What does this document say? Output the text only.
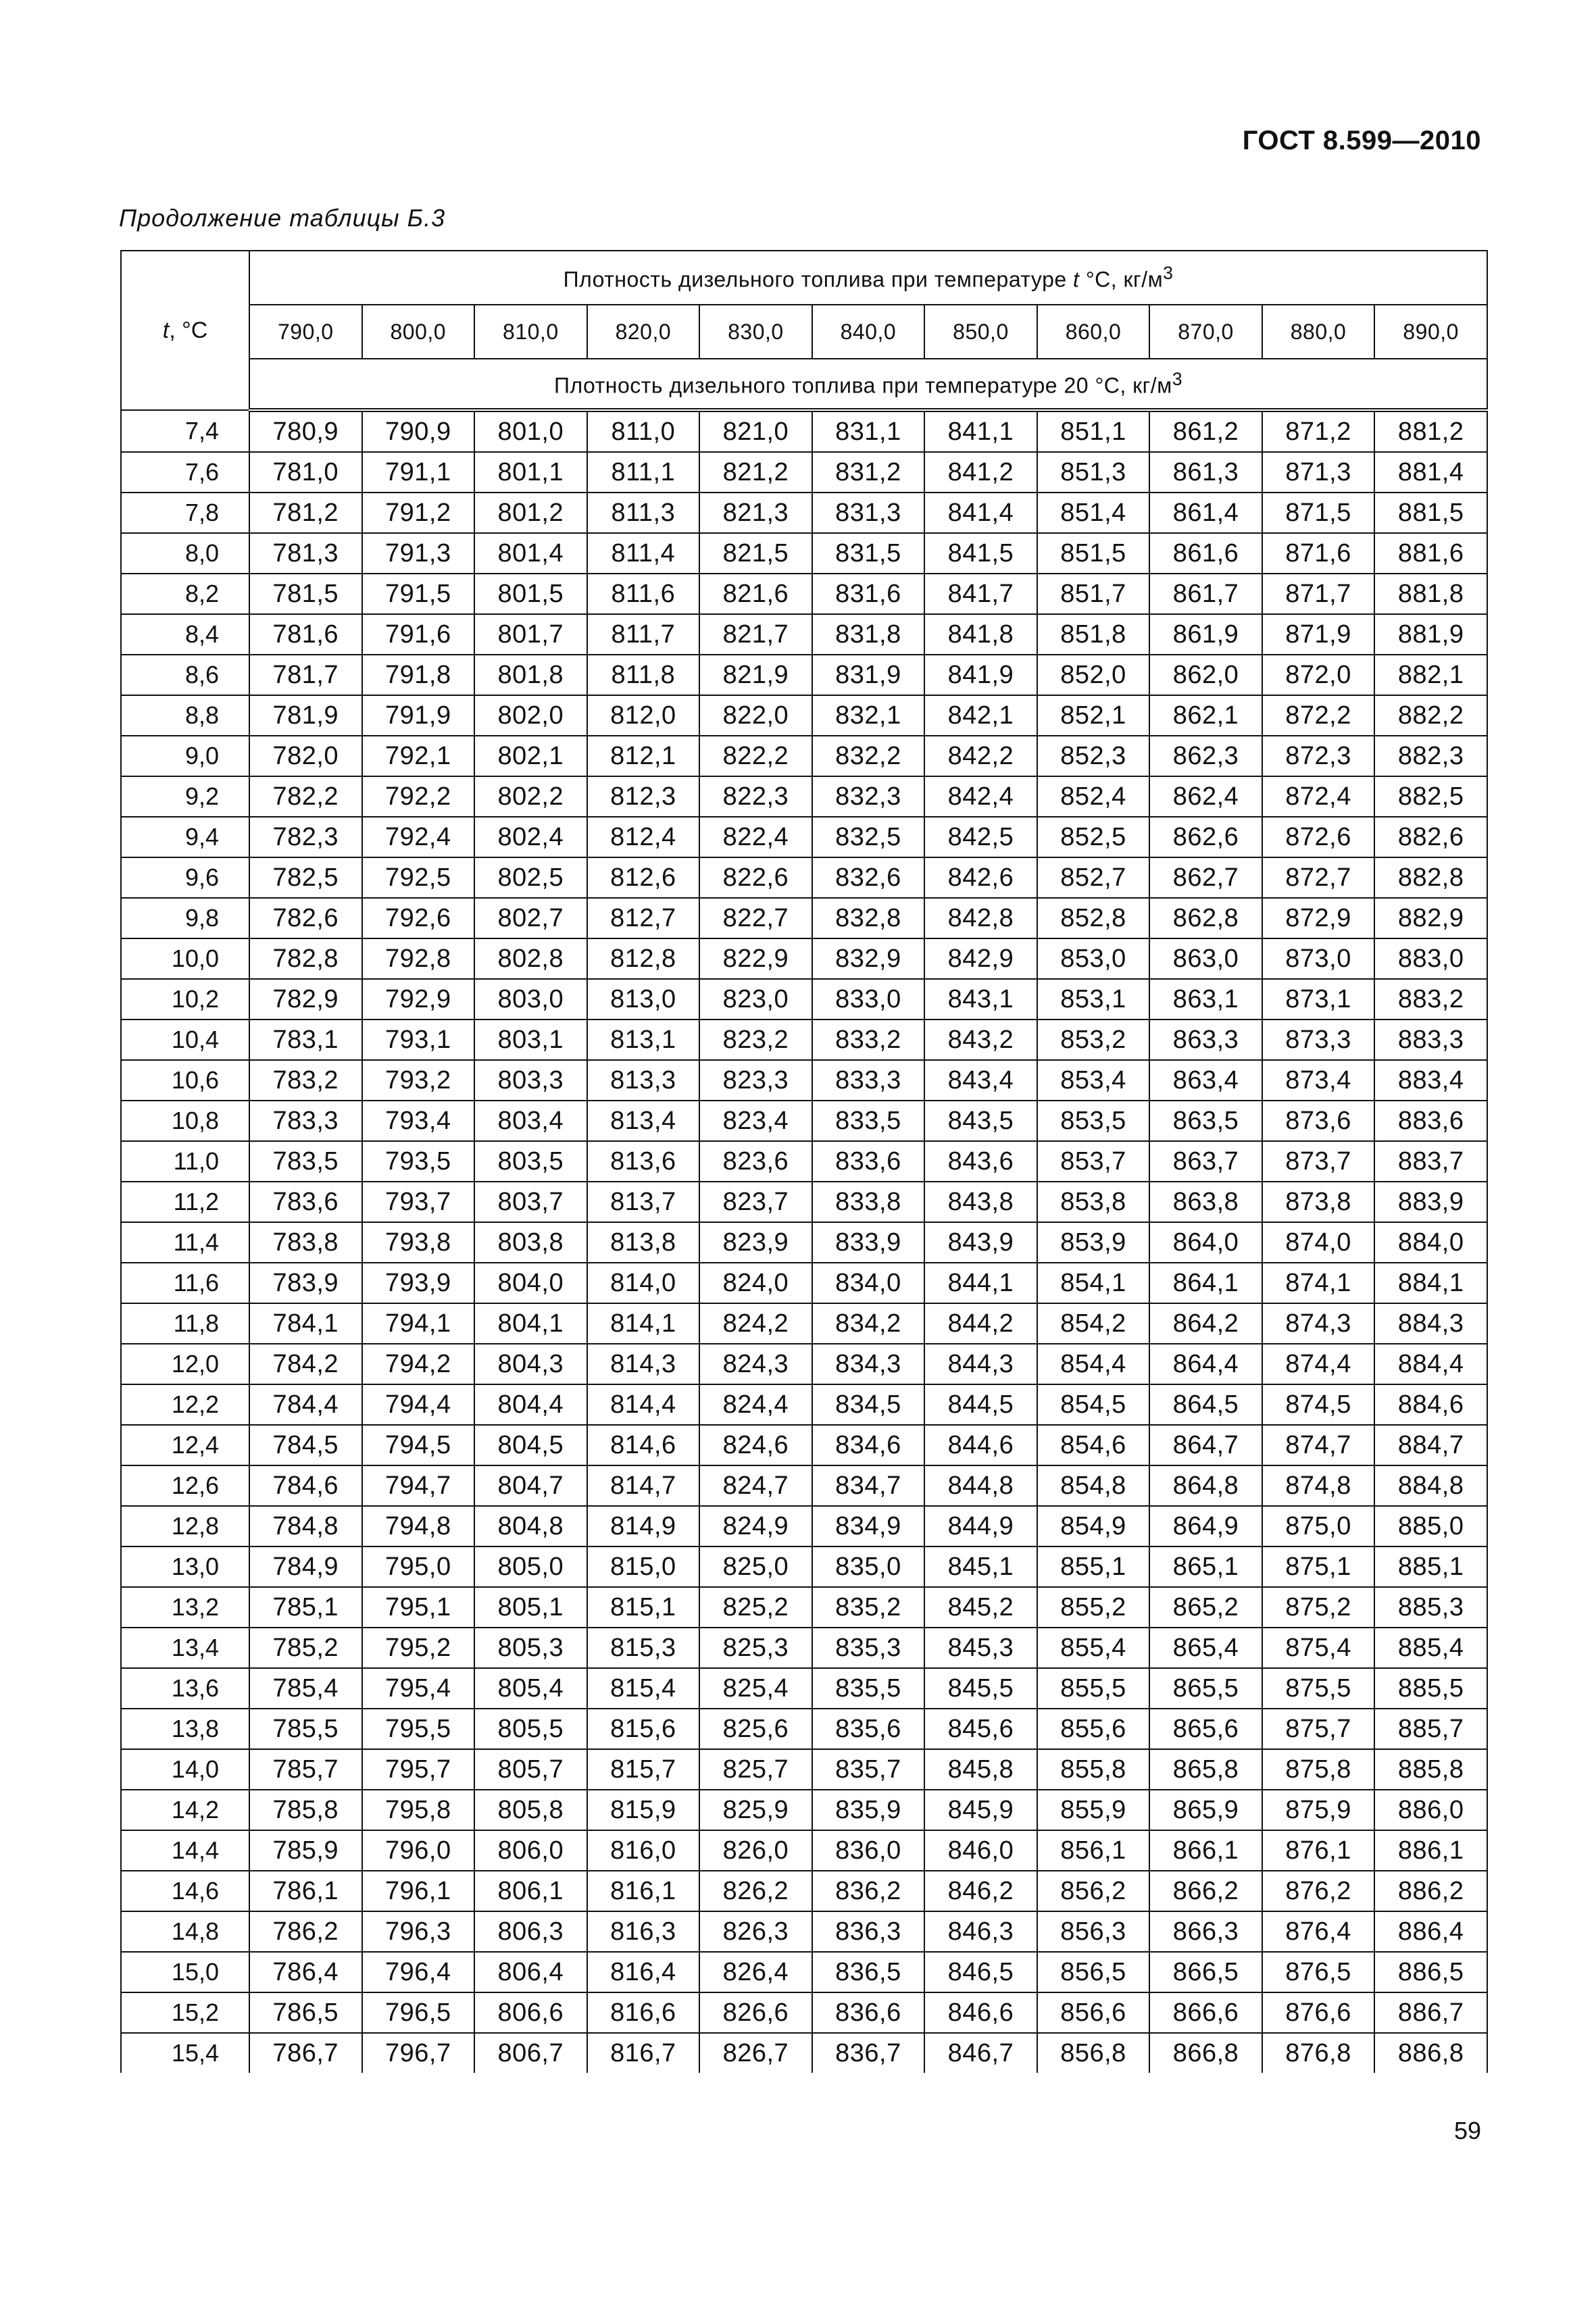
ГОСТ 8.599—2010
Продолжение таблицы Б.3
t, °C	Плотность дизельного топлива при температуре t °С, $кг/м^3$
	790,0	800,0	810,0	820,0	830,0	840,0	850,0	860,0	870,0	880,0	890,0
	Плотность дизельного топлива при температуре 20 °С, $кг/м^3$
7,4	780,9	790,9	801,0	811,0	821,0	831,1	841,1	851,1	861,2	871,2	881,2
7,6	781,0	791,1	801,1	811,1	821,2	831,2	841,2	851,3	861,3	871,3	881,4
7,8	781,2	791,2	801,2	811,3	821,3	831,3	841,4	851,4	861,4	871,5	881,5
8,0	781,3	791,3	801,4	811,4	821,5	831,5	841,5	851,5	861,6	871,6	881,6
8,2	781,5	791,5	801,5	811,6	821,6	831,6	841,7	851,7	861,7	871,7	881,8
8,4	781,6	791,6	801,7	811,7	821,7	831,8	841,8	851,8	861,9	871,9	881,9
8,6	781,7	791,8	801,8	811,8	821,9	831,9	841,9	852,0	862,0	872,0	882,1
8,8	781,9	791,9	802,0	812,0	822,0	832,1	842,1	852,1	862,1	872,2	882,2
9,0	782,0	792,1	802,1	812,1	822,2	832,2	842,2	852,3	862,3	872,3	882,3
9,2	782,2	792,2	802,2	812,3	822,3	832,3	842,4	852,4	862,4	872,4	882,5
9,4	782,3	792,4	802,4	812,4	822,4	832,5	842,5	852,5	862,6	872,6	882,6
9,6	782,5	792,5	802,5	812,6	822,6	832,6	842,6	852,7	862,7	872,7	882,8
9,8	782,6	792,6	802,7	812,7	822,7	832,8	842,8	852,8	862,8	872,9	882,9
10,0	782,8	792,8	802,8	812,8	822,9	832,9	842,9	853,0	863,0	873,0	883,0
10,2	782,9	792,9	803,0	813,0	823,0	833,0	843,1	853,1	863,1	873,1	883,2
10,4	783,1	793,1	803,1	813,1	823,2	833,2	843,2	853,2	863,3	873,3	883,3
10,6	783,2	793,2	803,3	813,3	823,3	833,3	843,4	853,4	863,4	873,4	883,4
10,8	783,3	793,4	803,4	813,4	823,4	833,5	843,5	853,5	863,5	873,6	883,6
11,0	783,5	793,5	803,5	813,6	823,6	833,6	843,6	853,7	863,7	873,7	883,7
11,2	783,6	793,7	803,7	813,7	823,7	833,8	843,8	853,8	863,8	873,8	883,9
11,4	783,8	793,8	803,8	813,8	823,9	833,9	843,9	853,9	864,0	874,0	884,0
11,6	783,9	793,9	804,0	814,0	824,0	834,0	844,1	854,1	864,1	874,1	884,1
11,8	784,1	794,1	804,1	814,1	824,2	834,2	844,2	854,2	864,2	874,3	884,3
12,0	784,2	794,2	804,3	814,3	824,3	834,3	844,3	854,4	864,4	874,4	884,4
12,2	784,4	794,4	804,4	814,4	824,4	834,5	844,5	854,5	864,5	874,5	884,6
12,4	784,5	794,5	804,5	814,6	824,6	834,6	844,6	854,6	864,7	874,7	884,7
12,6	784,6	794,7	804,7	814,7	824,7	834,7	844,8	854,8	864,8	874,8	884,8
12,8	784,8	794,8	804,8	814,9	824,9	834,9	844,9	854,9	864,9	875,0	885,0
13,0	784,9	795,0	805,0	815,0	825,0	835,0	845,1	855,1	865,1	875,1	885,1
13,2	785,1	795,1	805,1	815,1	825,2	835,2	845,2	855,2	865,2	875,2	885,3
13,4	785,2	795,2	805,3	815,3	825,3	835,3	845,3	855,4	865,4	875,4	885,4
13,6	785,4	795,4	805,4	815,4	825,4	835,5	845,5	855,5	865,5	875,5	885,5
13,8	785,5	795,5	805,5	815,6	825,6	835,6	845,6	855,6	865,6	875,7	885,7
14,0	785,7	795,7	805,7	815,7	825,7	835,7	845,8	855,8	865,8	875,8	885,8
14,2	785,8	795,8	805,8	815,9	825,9	835,9	845,9	855,9	865,9	875,9	886,0
14,4	785,9	796,0	806,0	816,0	826,0	836,0	846,0	856,1	866,1	876,1	886,1
14,6	786,1	796,1	806,1	816,1	826,2	836,2	846,2	856,2	866,2	876,2	886,2
14,8	786,2	796,3	806,3	816,3	826,3	836,3	846,3	856,3	866,3	876,4	886,4
15,0	786,4	796,4	806,4	816,4	826,4	836,5	846,5	856,5	866,5	876,5	886,5
15,2	786,5	796,5	806,6	816,6	826,6	836,6	846,6	856,6	866,6	876,6	886,7
15,4	786,7	796,7	806,7	816,7	826,7	836,7	846,7	856,8	866,8	876,8	886,8
59
